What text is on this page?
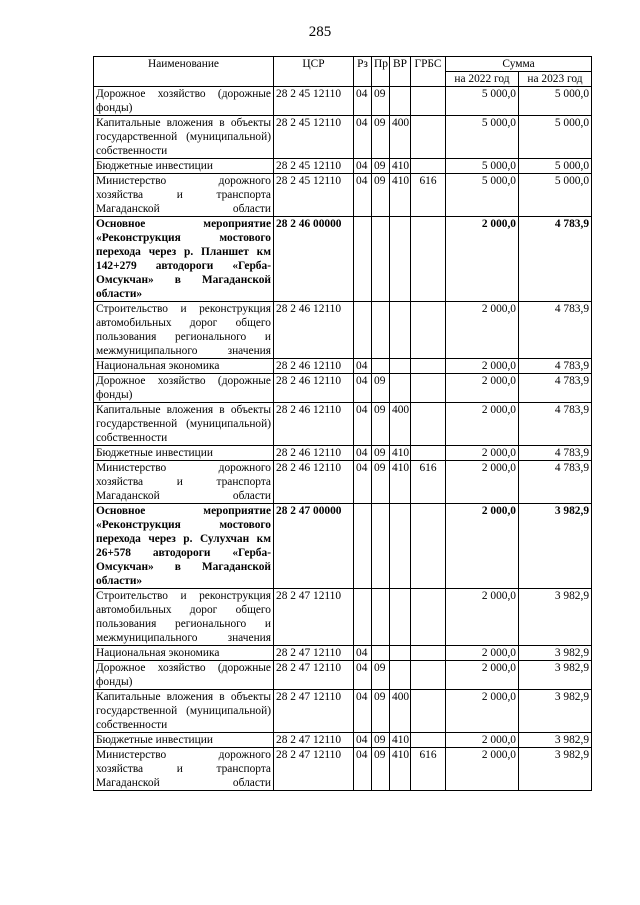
285
Наименование	ЦСР	Рз	Пр	ВР	ГРБС	Сумма	
						на 2022 год	на 2023 год
Дорожное хозяйство (дорожные фонды)	28 2 45 12110	04	09			5 000,0	5 000,0
Капитальные вложения в объекты государственной (муниципальной) собственности	28 2 45 12110	04	09	400		5 000,0	5 000,0
Бюджетные инвестиции	28 2 45 12110	04	09	410		5 000,0	5 000,0
Министерство дорожного хозяйства и транспорта Магаданской области	28 2 45 12110	04	09	410	616	5 000,0	5 000,0
Основное мероприятие «Реконструкция мостового перехода через р. Планшет км 142+279 автодороги «Герба-Омсукчан» в Магаданской области»	28 2 46 00000					2 000,0	4 783,9
Строительство и реконструкция автомобильных дорог общего пользования регионального и межмуниципального значения	28 2 46 12110					2 000,0	4 783,9
Национальная экономика	28 2 46 12110	04				2 000,0	4 783,9
Дорожное хозяйство (дорожные фонды)	28 2 46 12110	04	09			2 000,0	4 783,9
Капитальные вложения в объекты государственной (муниципальной) собственности	28 2 46 12110	04	09	400		2 000,0	4 783,9
Бюджетные инвестиции	28 2 46 12110	04	09	410		2 000,0	4 783,9
Министерство дорожного хозяйства и транспорта Магаданской области	28 2 46 12110	04	09	410	616	2 000,0	4 783,9
Основное мероприятие «Реконструкция мостового перехода через р. Сулухчан км 26+578 автодороги «Герба-Омсукчан» в Магаданской области»	28 2 47 00000					2 000,0	3 982,9
Строительство и реконструкция автомобильных дорог общего пользования регионального и межмуниципального значения	28 2 47 12110					2 000,0	3 982,9
Национальная экономика	28 2 47 12110	04				2 000,0	3 982,9
Дорожное хозяйство (дорожные фонды)	28 2 47 12110	04	09			2 000,0	3 982,9
Капитальные вложения в объекты государственной (муниципальной) собственности	28 2 47 12110	04	09	400		2 000,0	3 982,9
Бюджетные инвестиции	28 2 47 12110	04	09	410		2 000,0	3 982,9
Министерство дорожного хозяйства и транспорта Магаданской области	28 2 47 12110	04	09	410	616	2 000,0	3 982,9
